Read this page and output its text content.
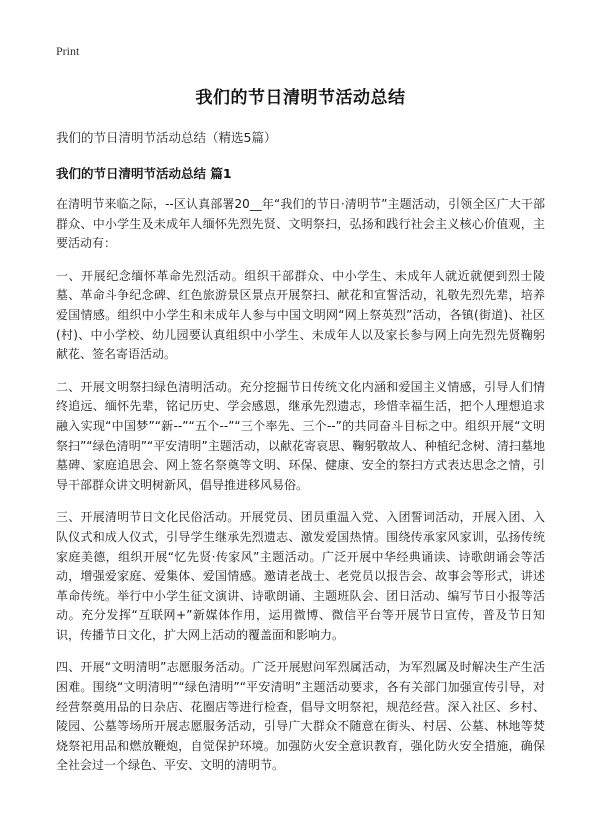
Print
我们的节日清明节活动总结

我们的节日清明节活动总结（精选5篇）

我们的节日清明节活动总结 篇1

在清明节来临之际，--区认真部署20__年“我们的节日·清明节”主题活动，引领全区广大干部群众、中小学生及未成年人缅怀先烈先贤、文明祭扫，弘扬和践行社会主义核心价值观，主要活动有：

一、开展纪念缅怀革命先烈活动。组织干部群众、中小学生、未成年人就近就便到烈士陵墓、革命斗争纪念碑、红色旅游景区景点开展祭扫、献花和宣誓活动，礼敬先烈先辈，培养爱国情感。组织中小学生和未成年人参与中国文明网“网上祭英烈”活动，各镇(街道)、社区(村)、中小学校、幼儿园要认真组织中小学生、未成年人以及家长参与网上向先烈先贤鞠躬献花、签名寄语活动。

二、开展文明祭扫绿色清明活动。充分挖掘节日传统文化内涵和爱国主义情感，引导人们情终追远、缅怀先辈，铭记历史、学会感恩，继承先烈遗志，珍惜幸福生活，把个人理想追求融入实现“中国梦”“新--”“五个--”“三个率先、三个--”的共同奋斗目标之中。组织开展“文明祭扫”“绿色清明”“平安清明”主题活动，以献花寄哀思、鞠躬敬故人、种植纪念树、清扫墓地墓碑、家庭追思会、网上签名祭奠等文明、环保、健康、安全的祭扫方式表达思念之情，引导干部群众讲文明树新风，倡导推进移风易俗。

三、开展清明节日文化民俗活动。开展党员、团员重温入党、入团誓词活动，开展入团、入队仪式和成人仪式，引导学生继承先烈遗志、激发爱国热情。围绕传承家风家训，弘扬传统家庭美德，组织开展“忆先贤·传家风”主题活动。广泛开展中华经典诵读、诗歌朗诵会等活动，增强爱家庭、爱集体、爱国情感。邀请老战士、老党员以报告会、故事会等形式，讲述革命传统。举行中小学生征文演讲、诗歌朗诵、主题班队会、团日活动、编写节日小报等活动。充分发挥“互联网+”新媒体作用，运用微博、微信平台等开展节日宣传，普及节日知识，传播节日文化，扩大网上活动的覆盖面和影响力。

四、开展“文明清明”志愿服务活动。广泛开展慰问军烈属活动，为军烈属及时解决生产生活困难。围绕“文明清明”“绿色清明”“平安清明”主题活动要求，各有关部门加强宣传引导，对经营祭奠用品的日杂店、花圈店等进行检查，倡导文明祭祀，规范经营。深入社区、乡村、陵园、公墓等场所开展志愿服务活动，引导广大群众不随意在街头、村居、公墓、林地等焚烧祭祀用品和燃放鞭炮，自觉保护环境。加强防火安全意识教育，强化防火安全措施，确保全社会过一个绿色、平安、文明的清明节。
